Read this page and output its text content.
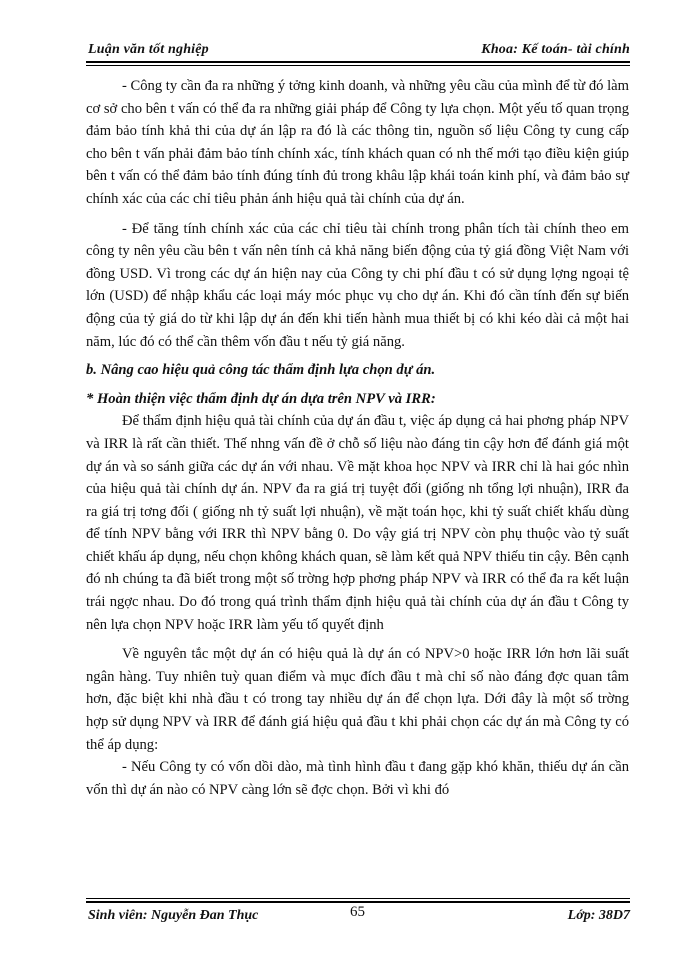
Luận văn tốt nghiệp	Khoa: Kế toán- tài chính

- Công ty cần đa ra những ý tởng kinh doanh, và những yêu cầu của mình để từ đó làm cơ sở cho bên t vấn có thể đa ra những giải pháp để Công ty lựa chọn. Một yếu tố quan trọng đảm bảo tính khả thi của dự án lập ra đó là các thông tin, nguồn số liệu Công ty cung cấp cho bên t vấn phải đảm bảo tính chính xác, tính khách quan có nh thế mới tạo điều kiện giúp bên t vấn có thể đảm bảo tính đúng tính đủ trong khâu lập khái toán kinh phí, và đảm bảo sự chính xác của các chỉ tiêu phản ánh hiệu quả tài chính của dự án.

- Để tăng tính chính xác của các chỉ tiêu tài chính trong phân tích tài chính theo em công ty nên yêu cầu bên t vấn nên tính cả khả năng biến động của tỷ giá đồng Việt Nam với đồng USD. Vì trong các dự án hiện nay của Công ty chi phí đầu t có sử dụng lợng ngoại tệ lớn (USD) để nhập khẩu các loại máy móc phục vụ cho dự án. Khi đó cần tính đến sự biến động của tỷ giá do từ khi lập dự án đến khi tiến hành mua thiết bị có khi kéo dài cả một hai năm, lúc đó có thể cần thêm vốn đầu t nếu tỷ giá năng.

b. Nâng cao hiệu quả công tác thẩm định lựa chọn dự án.

* Hoàn thiện việc thẩm định dự án dựa trên NPV và IRR:

Để thẩm định hiệu quả tài chính của dự án đầu t, việc áp dụng cả hai phơng pháp NPV và IRR là rất cần thiết. Thế nhng vấn đề ở chỗ số liệu nào đáng tin cậy hơn để đánh giá một dự án và so sánh giữa các dự án với nhau. Về mặt khoa học NPV và IRR chỉ là hai góc nhìn của hiệu quả tài chính dự án. NPV đa ra giá trị tuyệt đối (giống nh tổng lợi nhuận), IRR đa ra giá trị tơng đối ( giống nh tỷ suất lợi nhuận), về mặt toán học, khi tỷ suất chiết khấu dùng để tính NPV bằng với IRR thì NPV bằng 0. Do vậy giá trị NPV còn phụ thuộc vào tỷ suất chiết khấu áp dụng, nếu chọn không khách quan, sẽ làm kết quả NPV thiếu tin cậy. Bên cạnh đó nh chúng ta đã biết trong một số trờng hợp phơng pháp NPV và IRR có thể đa ra kết luận trái ngợc nhau. Do đó trong quá trình thẩm định hiệu quả tài chính của dự án đầu t Công ty nên lựa chọn NPV hoặc IRR làm yếu tố quyết định

Về nguyên tắc một dự án có hiệu quả là dự án có NPV>0 hoặc IRR lớn hơn lãi suất ngân hàng. Tuy nhiên tuỳ quan điểm và mục đích đầu t mà chỉ số nào đáng đợc quan tâm hơn, đặc biệt khi nhà đầu t có trong tay nhiều dự án để chọn lựa. Dới đây là một số trờng hợp sử dụng NPV và IRR để đánh giá hiệu quả đầu t khi phải chọn các dự án mà Công ty có thể áp dụng:

- Nếu Công ty có vốn dồi dào, mà tình hình đầu t đang gặp khó khăn, thiếu dự án cần vốn thì dự án nào có NPV càng lớn sẽ đợc chọn. Bởi vì khi đó

Sinh viên: Nguyễn Đan Thục	65	Lớp: 38D7
